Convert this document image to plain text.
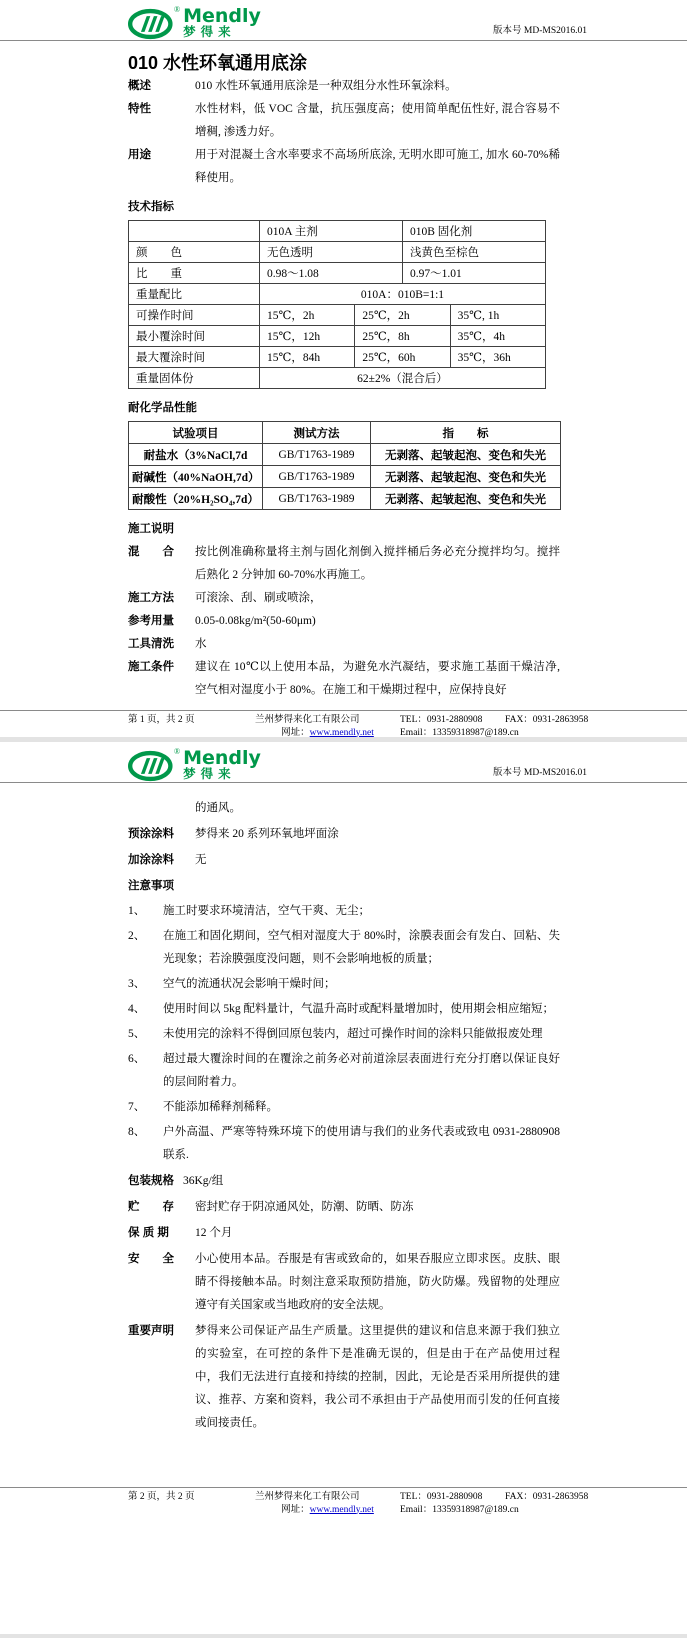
® Mendly
梦得来	版本号 MD-MS2016.01
010 水性环氧通用底涂
概述	010 水性环氧通用底涂是一种双组分水性环氧涂料。
特性	水性材料，低 VOC 含量，抗压强度高；使用简单配伍性好, 混合容易不增稠, 渗透力好。
用途	用于对混凝土含水率要求不高场所底涂, 无明水即可施工, 加水 60-70%稀释使用。
技术指标
	010A 主剂		010B 固化剂	
颜　　色	无色透明		浅黄色至棕色	
比　　重	0.98～1.08		0.97～1.01	
重量配比	010A：010B=1:1			
可操作时间	15℃，2h	25℃，2h		35℃, 1h
最小覆涂时间	15℃，12h	25℃，8h		35℃，4h
最大覆涂时间	15℃，84h	25℃，60h		35℃，36h
重量固体份	62±2%（混合后）			
耐化学品性能
试验项目	测试方法	指　　标
耐盐水（3%NaCl,7d	GB/T1763-1989	无剥落、起皱起泡、变色和失光
耐碱性（40%NaOH,7d）	GB/T1763-1989	无剥落、起皱起泡、变色和失光
耐酸性（20%H₂SO₄,7d）	GB/T1763-1989	无剥落、起皱起泡、变色和失光
施工说明
混　　合	按比例准确称量将主剂与固化剂倒入搅拌桶后务必充分搅拌均匀。搅拌后熟化 2 分钟加 60-70%水再施工。
施工方法	可滚涂、刮、刷或喷涂，
参考用量	0.05-0.08kg/m²(50-60μm)
工具清洗	水
施工条件	建议在 10℃以上使用本品，为避免水汽凝结，要求施工基面干燥洁净, 空气相对湿度小于 80%。在施工和干燥期过程中，应保持良好
第 1 页，共 2 页	兰州梦得来化工有限公司	TEL：0931-2880908	FAX：0931-2863958
网址：www.mendly.net	Email：13359318987@189.cn
® Mendly
梦得来	版本号 MD-MS2016.01
的通风。
预涂涂料	梦得来 20 系列环氧地坪面涂
加涂涂料	无
注意事项
1、	施工时要求环境清洁，空气干爽、无尘；
2、	在施工和固化期间，空气相对湿度大于 80%时，涂膜表面会有发白、回粘、失光现象；若涂膜强度没问题，则不会影响地板的质量；
3、	空气的流通状况会影响干燥时间；
4、	使用时间以 5kg 配料量计，气温升高时或配料量增加时，使用期会相应缩短；
5、	未使用完的涂料不得倒回原包装内，超过可操作时间的涂料只能做报废处理
6、	超过最大覆涂时间的在覆涂之前务必对前道涂层表面进行充分打磨以保证良好的层间附着力。
7、	不能添加稀释剂稀释。
8、	户外高温、严寒等特殊环境下的使用请与我们的业务代表或致电 0931-2880908 联系.
包装规格 36Kg/组
贮　　存	密封贮存于阴凉通风处，防潮、防晒、防冻
保 质 期	12 个月
安　　全	小心使用本品。吞服是有害或致命的，如果吞服应立即求医。皮肤、眼睛不得接触本品。时刻注意采取预防措施，防火防爆。残留物的处理应遵守有关国家或当地政府的安全法规。
重要声明	梦得来公司保证产品生产质量。这里提供的建议和信息来源于我们独立的实验室，在可控的条件下是准确无误的，但是由于在产品使用过程中，我们无法进行直接和持续的控制，因此，无论是否采用所提供的建议、推荐、方案和资料，我公司不承担由于产品使用而引发的任何直接或间接责任。
第 2 页，共 2 页	兰州梦得来化工有限公司	TEL：0931-2880908	FAX：0931-2863958
网址：www.mendly.net	Email：13359318987@189.cn
